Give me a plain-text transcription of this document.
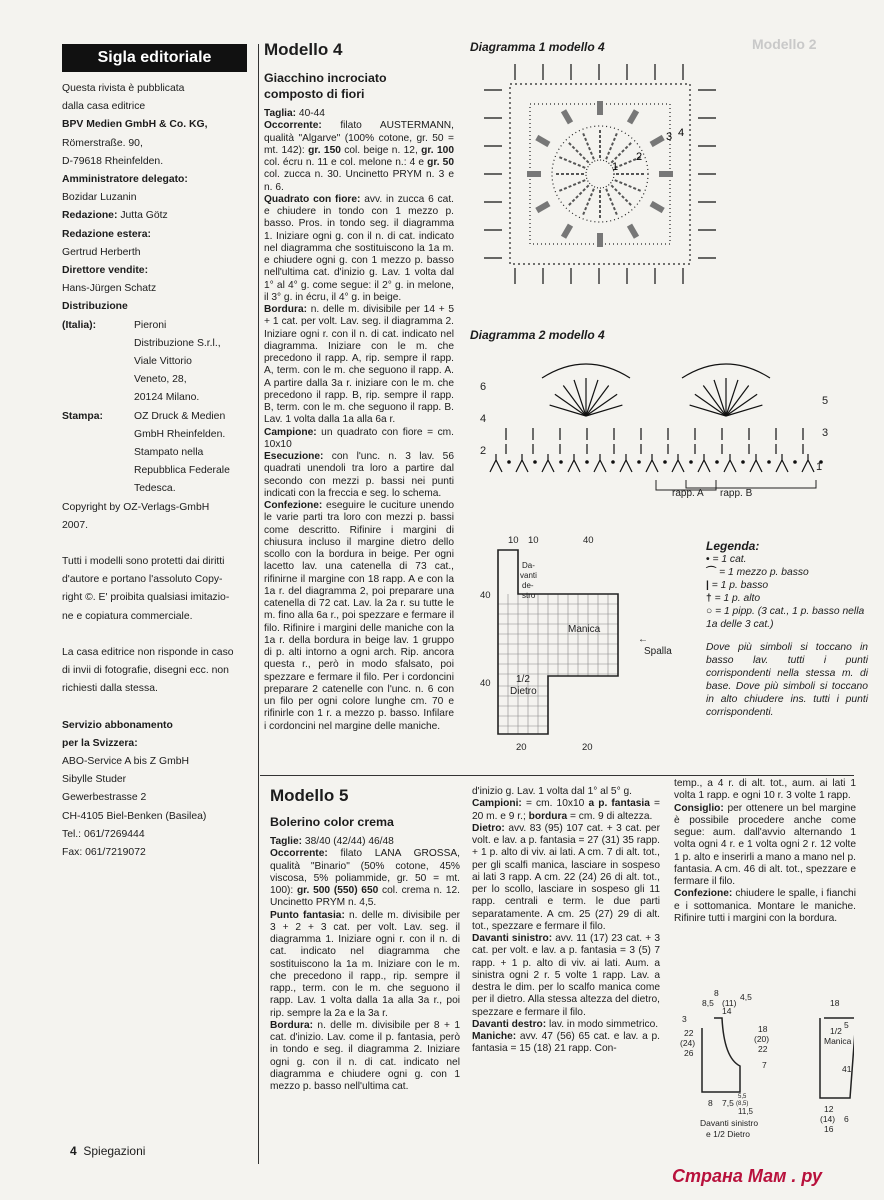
Sigla editoriale

Questa rivista è pubblicata

dalla casa editrice

BPV Medien GmbH & Co. KG,

Römerstraße. 90,

D-79618 Rheinfelden.

Amministratore delegato:

Bozidar Luzanin

Redazione: Jutta Götz

Redazione estera:

Gertrud Herberth

Direttore vendite:

Hans-Jürgen Schatz

Distribuzione

(Italia):	Pieroni

Distribuzione S.r.l.,

Viale Vittorio

Veneto, 28,

20124 Milano.

Stampa:	OZ Druck & Medien

GmbH Rheinfelden.

Stampato nella

Repubblica Federale

Tedesca.

Copyright by OZ-Verlags-GmbH

2007.

Tutti i modelli sono protetti dai diritti

d'autore e portano l'assoluto Copy-

right ©. E' proibita qualsiasi imitazio-

ne e copiatura commerciale.

La casa editrice non risponde in caso

di invii di fotografie, disegni ecc. non

richiesti dalla stessa.

Servizio abbonamento

per la Svizzera:

ABO-Service A bis Z GmbH

Sibylle Studer

Gewerbestrasse 2

CH-4105 Biel-Benken (Basilea)

Tel.: 061/7269444

Fax: 061/7219072

Modello 4
Giacchino incrociato
composto di fiori

Taglia: 40-44

Occorrente: filato AUSTERMANN, qualità "Algarve" (100% cotone, gr. 50 = mt. 142): gr. 150 col. beige n. 12, gr. 100 col. écru n. 11 e col. melone n.: 4 e gr. 50 col. zucca n. 30. Uncinetto PRYM n. 3 e n. 6.

Quadrato con fiore: avv. in zucca 6 cat. e chiudere in tondo con 1 mezzo p. basso. Pros. in tondo seg. il diagramma 1. Iniziare ogni g. con il n. di cat. indicato nel diagramma che sostituiscono la 1a m. e chiudere ogni g. con 1 mezzo p. basso nell'ultima cat. d'inizio g. Lav. 1 volta dal 1° al 4° g. come segue: il 2° g. in melone, il 3° g. in écru, il 4° g. in beige.

Bordura: n. delle m. divisibile per 14 + 5 + 1 cat. per volt. Lav. seg. il diagramma 2. Iniziare ogni r. con il n. di cat. indicato nel diagramma. Iniziare con le m. che precedono il rapp. A, rip. sempre il rapp. A, term. con le m. che seguono il rapp. A. A partire dalla 3a r. iniziare con le m. che precedono il rapp. B, rip. sempre il rapp. B, term. con le m. che seguono il rapp. B. Lav. 1 volta dalla 1a alla 6a r.

Campione: un quadrato con fiore = cm. 10x10

Esecuzione: con l'unc. n. 3 lav. 56 quadrati unendoli tra loro a partire dal secondo con mezzi p. bassi nei punti indicati con la freccia e seg. lo schema.

Confezione: eseguire le cuciture unendo le varie parti tra loro con mezzi p. bassi come descritto. Rifinire i margini di chiusura incluso il margine dietro dello scollo con la bordura in beige. Per ogni lacetto lav. una catenella di 73 cat., rifinirne il margine con 18 rapp. A e con la 1a r. del diagramma 2, poi preparare una catenella di 72 cat. Lav. la 2a r. su tutte le m. fino alla 6a r., poi spezzare e fermare il filo. Rifinire i margini delle maniche con la 1a r. della bordura in beige lav. 1 gruppo di p. alti intorno a ogni arch. Rip. ancora questa r., però in modo sfalsato, poi spezzare e fermare il filo. Per i cordoncini preparare 2 catenelle con l'unc. n. 6 con un filo per ogni colore lunghe cm. 70 e rifinirle con 1 r. a mezzo p. basso. Infilare i cordoncini nel margine delle maniche.

Diagramma 1 modello 4
4
3
2
1
Diagramma 2 modello 4
1
2
3
4
5
6
rapp. A rapp. B
10 10	40
40
40
20	20
Manica
Spalla
←
1/2
Dietro
Da-
vanti
de-
stro
Legenda:
• = 1 cat.
⌒ = 1 mezzo p. basso
| = 1 p. basso
† = 1 p. alto
○ = 1 pipp. (3 cat., 1 p. basso nella 1a delle 3 cat.)
Dove più simboli si toccano in basso lav. tutti i punti corrispondenti nella stessa m. di base. Dove più simboli si toccano in alto chiudere ins. tutti i punti corrispondenti.
Modello 5
Bolerino color crema

Taglie: 38/40 (42/44) 46/48

Occorrente: filato LANA GROSSA, qualità "Binario" (50% cotone, 45% viscosa, 5% poliammide, gr. 50 = mt. 100): gr. 500 (550) 650 col. crema n. 12. Uncinetto PRYM n. 4,5.

Punto fantasia: n. delle m. divisibile per 3 + 2 + 3 cat. per volt. Lav. seg. il diagramma 1. Iniziare ogni r. con il n. di cat. indicato nel diagramma che sostituiscono la 1a m. Iniziare con le m. che precedono il rapp., rip. sempre il rapp., term. con le m. che seguono il rapp. Lav. 1 volta dalla 1a alla 3a r., poi rip. sempre la 2a e la 3a r.

Bordura: n. delle m. divisibile per 8 + 1 cat. d'inizio. Lav. come il p. fantasia, però in tondo e seg. il diagramma 2. Iniziare ogni g. con il n. di cat. indicato nel diagramma e chiudere ogni g. con 1 mezzo p. basso nell'ultima cat.

d'inizio g. Lav. 1 volta dal 1° al 5° g.

Campioni: = cm. 10x10 a p. fantasia = 20 m. e 9 r.; bordura = cm. 9 di altezza.

Dietro: avv. 83 (95) 107 cat. + 3 cat. per volt. e lav. a p. fantasia = 27 (31) 35 rapp. + 1 p. alto di viv. ai lati. A cm. 7 di alt. tot., per gli scalfi manica, lasciare in sospeso ai lati 3 rapp. A cm. 22 (24) 26 di alt. tot., per lo scollo, lasciare in sospeso gli 11 rapp. centrali e term. le due parti separatamente. A cm. 25 (27) 29 di alt. tot., spezzare e fermare il filo.

Davanti sinistro: avv. 11 (17) 23 cat. + 3 cat. per volt. e lav. a p. fantasia = 3 (5) 7 rapp. + 1 p. alto di viv. ai lati. Aum. a sinistra ogni 2 r. 5 volte 1 rapp. Lav. a destra le dim. per lo scalfo manica come per il dietro. Alla stessa altezza del dietro, spezzare e fermare il filo.

Davanti destro: lav. in modo simmetrico.

Maniche: avv. 47 (56) 65 cat. e lav. a p. fantasia = 15 (18) 21 rapp. Con-

temp., a 4 r. di alt. tot., aum. ai lati 1 volta 1 rapp. e ogni 10 r. 3 volte 1 rapp.

Consiglio: per ottenere un bel margine è possibile procedere anche come segue: aum. dall'avvio alternando 1 volta ogni 4 r. e 1 volta ogni 2 r. 12 volte 1 p. alto e inserirli a mano a mano nel p. fantasia. A cm. 46 di alt. tot., spezzare e fermare il filo.

Confezione: chiudere le spalle, i fianchi e i sottomanica. Montare le maniche. Rifinire tutti i margini con la bordura.

8
8,5 (11)
14
4,5
3
22
(24)
26
18
(20)
22
7
8 7,5
5,5
(8,5)
11,5
Davanti sinistro
e 1/2 Dietro
18
1/2
Manica
5
41
12
(14)
16
6
Modello 2
4 Spiegazioni
Страна Мам . ру
